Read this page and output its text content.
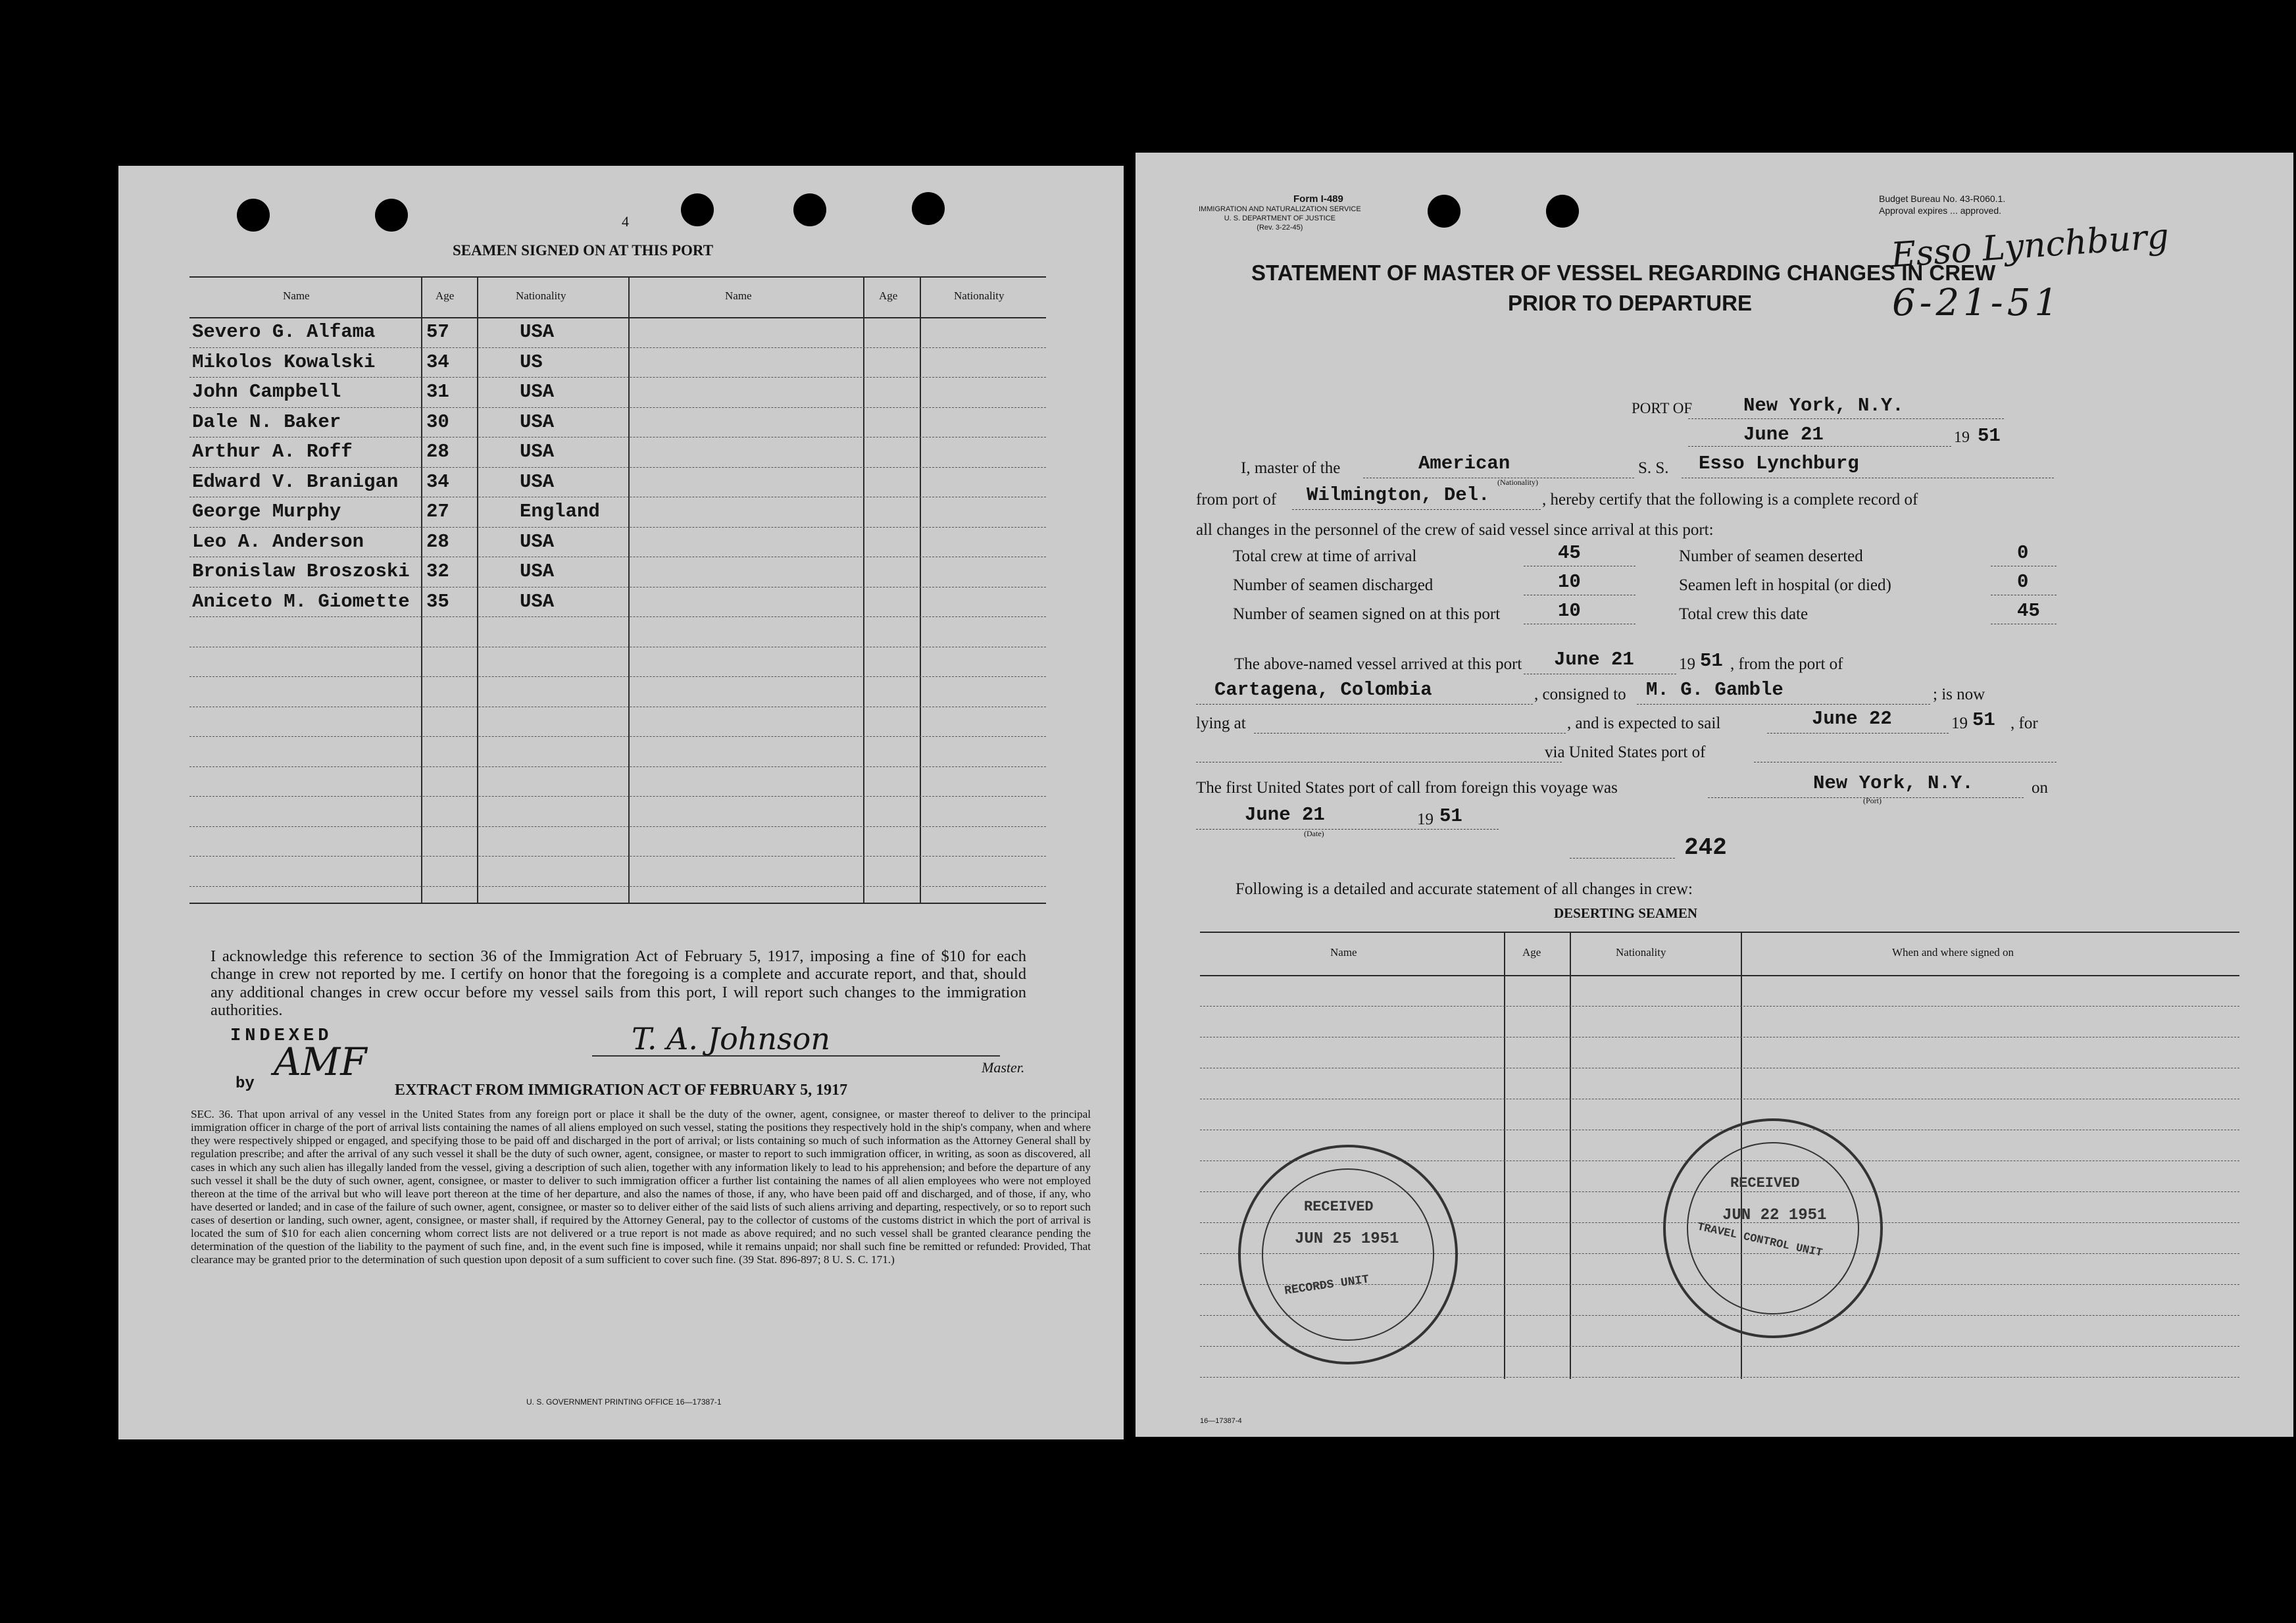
4
SEAMEN SIGNED ON AT THIS PORT
Name	Age	Nationality	Name	Age	Nationality
Severo G. Alfama	57	USA
Mikolos Kowalski	34	US
John Campbell	31	USA
Dale N. Baker	30	USA
Arthur A. Roff	28	USA
Edward V. Branigan 34	USA
George Murphy	27	England
Leo A. Anderson	28	USA
Bronislaw Broszoski 32	USA
Aniceto M. Giomette 35	USA
I acknowledge this reference to section 36 of the Immigration Act of February 5, 1917, imposing a fine of $10 for each change in crew not reported by me. I certify on honor that the foregoing is a complete and accurate report, and that, should any additional changes in crew occur before my vessel sails from this port, I will report such changes to the immigration authorities.
INDEXED
by AMF
T. A. Johnson
Master.
EXTRACT FROM IMMIGRATION ACT OF FEBRUARY 5, 1917
SEC. 36. That upon arrival of any vessel in the United States from any foreign port or place it shall be the duty of the owner, agent, consignee, or master thereof to deliver to the principal immigration officer in charge of the port of arrival lists containing the names of all aliens employed on such vessel, stating the positions they respectively hold in the ship's company, when and where they were respectively shipped or engaged, and specifying those to be paid off and discharged in the port of arrival; or lists containing so much of such information as the Attorney General shall by regulation prescribe; and after the arrival of any such vessel it shall be the duty of such owner, agent, consignee, or master to report to such immigration officer, in writing, as soon as discovered, all cases in which any such alien has illegally landed from the vessel, giving a description of such alien, together with any information likely to lead to his apprehension; and before the departure of any such vessel it shall be the duty of such owner, agent, consignee, or master to deliver to such immigration officer a further list containing the names of all alien employees who were not employed thereon at the time of the arrival but who will leave port thereon at the time of her departure, and also the names of those, if any, who have been paid off and discharged, and of those, if any, who have deserted or landed; and in case of the failure of such owner, agent, consignee, or master so to deliver either of the said lists of such aliens arriving and departing, respectively, or so to report such cases of desertion or landing, such owner, agent, consignee, or master shall, if required by the Attorney General, pay to the collector of customs of the customs district in which the port of arrival is located the sum of $10 for each alien concerning whom correct lists are not delivered or a true report is not made as above required; and no such vessel shall be granted clearance pending the determination of the question of the liability to the payment of such fine, and, in the event such fine is imposed, while it remains unpaid; nor shall such fine be remitted or refunded: Provided, That clearance may be granted prior to the determination of such question upon deposit of a sum sufficient to cover such fine. (39 Stat. 896-897; 8 U. S. C. 171.)
U. S. GOVERNMENT PRINTING OFFICE 16—17387-1
Form I-489
IMMIGRATION AND NATURALIZATION SERVICE
U. S. DEPARTMENT OF JUSTICE
(Rev. 3-22-45)
Budget Bureau No. 43-R060.1.
Approval expires ... approved.
Esso Lynchburg
6-21-51
STATEMENT OF MASTER OF VESSEL REGARDING CHANGES IN CREW
PRIOR TO DEPARTURE
PORT OF	New York, N.Y.
June 21	19 51
I, master of the	American
(Nationality)
S. S. Esso Lynchburg
from port of Wilmington, Del.	, hereby certify that the following is a complete record of
all changes in the personnel of the crew of said vessel since arrival at this port:
Total crew at time of arrival	45	Number of seamen deserted	0
Number of seamen discharged	10	Seamen left in hospital (or died)	0
Number of seamen signed on at this port	10	Total crew this date	45
The above-named vessel arrived at this port June 21	19 51 , from the port of
Cartagena, Colombia	, consigned to M. G. Gamble	; is now
lying at	, and is expected to sail	June 22	19 51 , for
via United States port of
The first United States port of call from foreign this voyage was	New York, N.Y.
(Port)
on
June 21
(Date)
19 51
242
Following is a detailed and accurate statement of all changes in crew:
DESERTING SEAMEN
Name	Age	Nationality	When and where signed on
16—17387-4
RECEIVED
JUN 25 1951
RECORDS UNIT
RECEIVED
JUN 22 1951
TRAVEL CONTROL UNIT
